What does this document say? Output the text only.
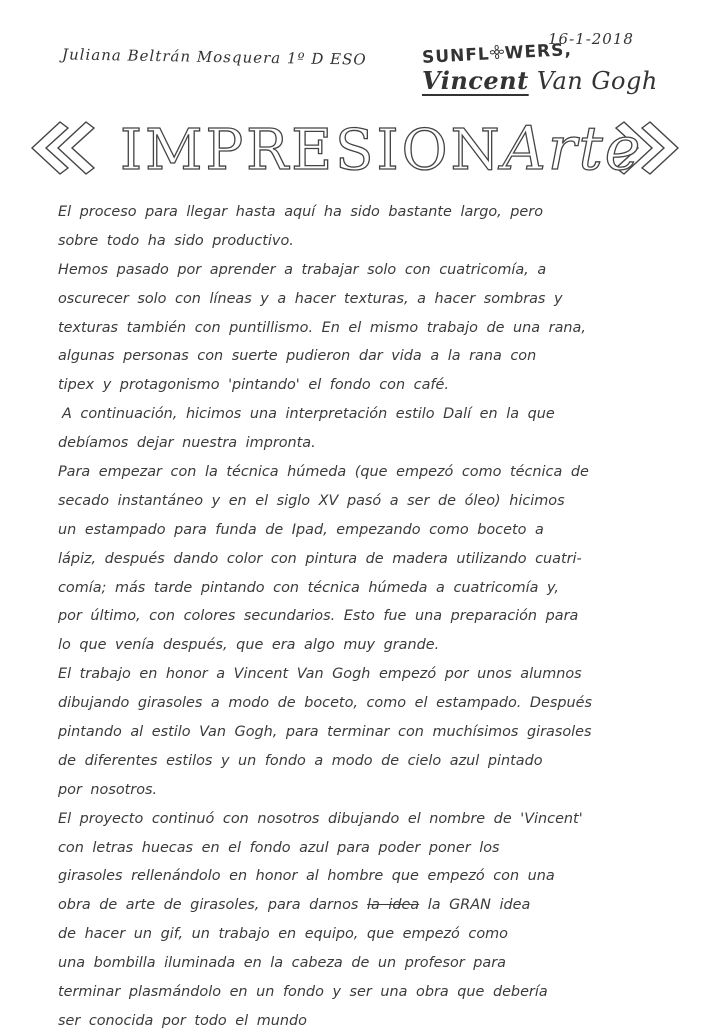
Juliana Beltrán Mosquera 1º D ESO
16-1-2018
SUNFL WERS,
Vincent Van Gogh
IMPRESIONArte
El proceso para llegar hasta aquí ha sido bastante largo, pero
sobre todo ha sido productivo.
Hemos pasado por aprender a trabajar solo con cuatricomía, a
oscurecer solo con líneas y a hacer texturas, a hacer sombras y
texturas también con puntillismo. En el mismo trabajo de una rana,
algunas personas con suerte pudieron dar vida a la rana con
tipex y protagonismo 'pintando' el fondo con café.
A continuación, hicimos una interpretación estilo Dalí en la que
debíamos dejar nuestra impronta.
Para empezar con la técnica húmeda (que empezó como técnica de
secado instantáneo y en el siglo XV pasó a ser de óleo) hicimos
un estampado para funda de Ipad, empezando como boceto a
lápiz, después dando color con pintura de madera utilizando cuatri-
comía; más tarde pintando con técnica húmeda a cuatricomía y,
por último, con colores secundarios. Esto fue una preparación para
lo que venía después, que era algo muy grande.
El trabajo en honor a Vincent Van Gogh empezó por unos alumnos
dibujando girasoles a modo de boceto, como el estampado. Después
pintando al estilo Van Gogh, para terminar con muchísimos girasoles
de diferentes estilos y un fondo a modo de cielo azul pintado
por nosotros.
El proyecto continuó con nosotros dibujando el nombre de 'Vincent'
con letras huecas en el fondo azul para poder poner los
girasoles rellenándolo en honor al hombre que empezó con una
obra de arte de girasoles, para darnos la idea la GRAN idea
de hacer un gif, un trabajo en equipo, que empezó como
una bombilla iluminada en la cabeza de un profesor para
terminar plasmándolo en un fondo y ser una obra que debería
ser conocida por todo el mundo
